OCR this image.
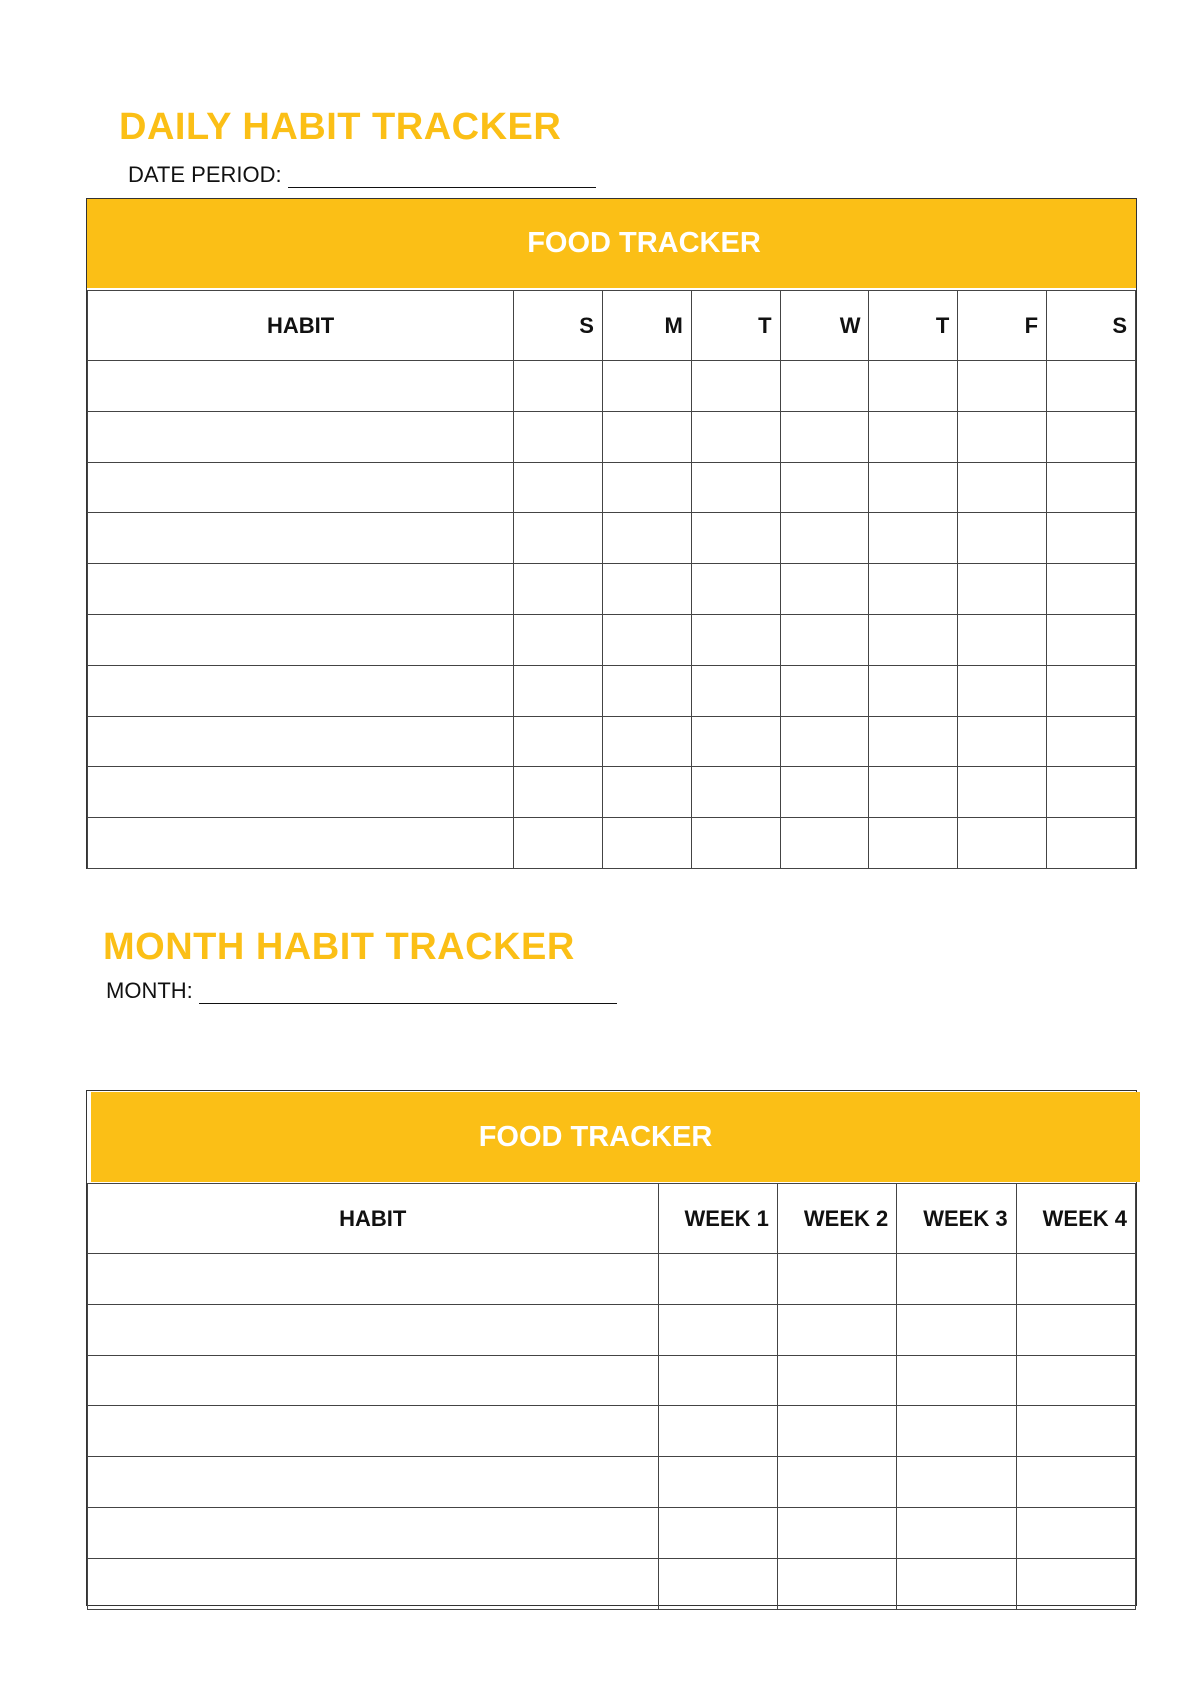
DAILY HABIT TRACKER
DATE PERIOD:
FOOD TRACKER
HABIT	S	M	T	W	T	F	S

MONTH HABIT TRACKER
MONTH:
FOOD TRACKER
HABIT	WEEK 1	WEEK 2	WEEK 3	WEEK 4
